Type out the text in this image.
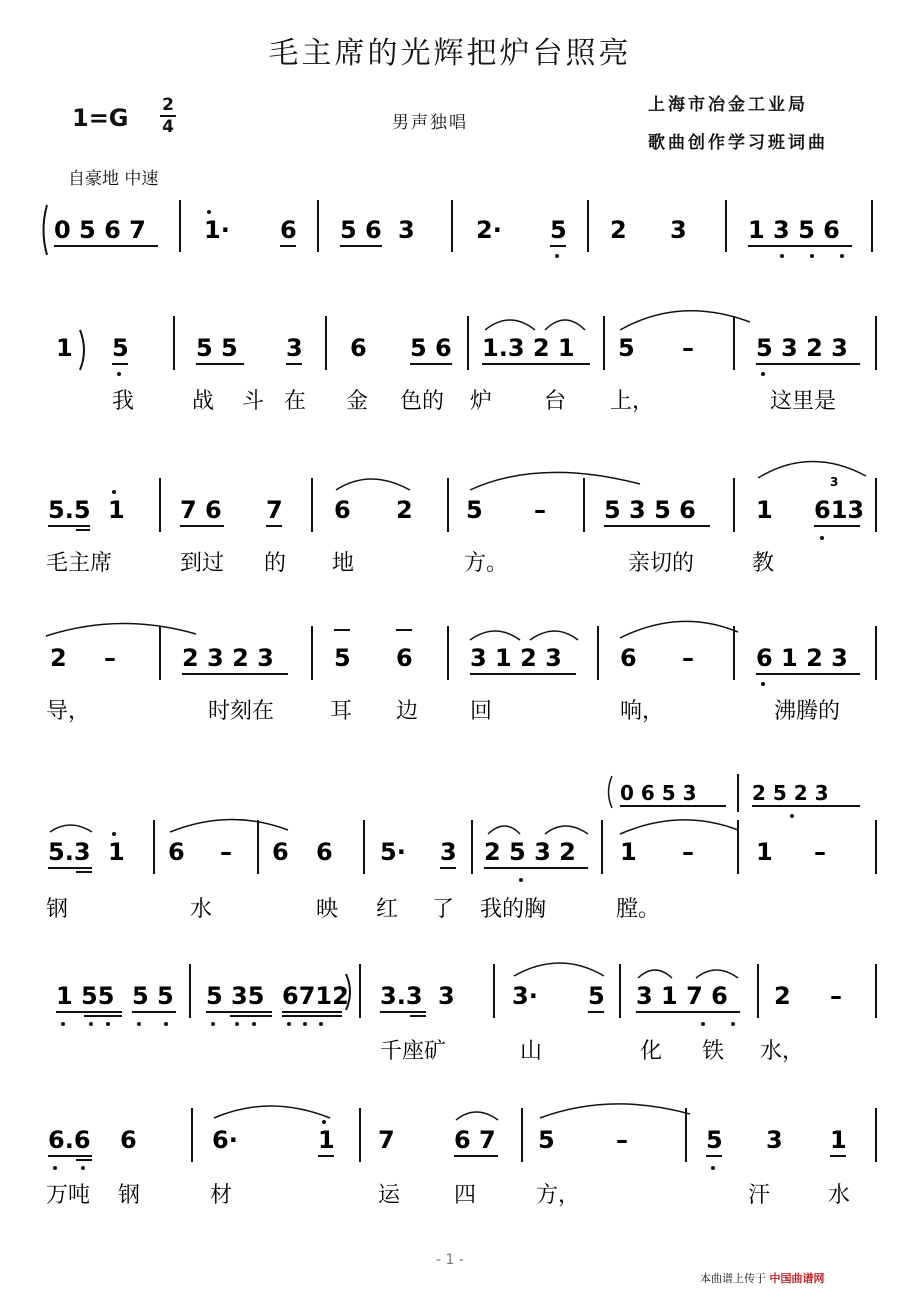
毛主席的光辉把炉台照亮
1=G 2
4	男声独唱
上海市冶金工业局
歌曲创作学习班词曲
自豪地 中速
0 5 6 7 1· 6 5 6 3	2· 5 2 3	1 3 5 6
1 5	5 5 3 6 5 6 1.3 2 1 5 –	5 3 2 3
5.5 1 7 6 7 6 2 5 – 5 3 5 6	1 613
3
2 –	2 3 2 3	5 6 3 1 2 3 6 –	6 1 2 3
0 6 5 3	2 5 2 3
5.3 1 6 – 6 6 5· 3 2 5 3 2 1 –	1 –
1 55 5 5 5 35 6712 3.3 3 3· 5 3 1 7 6 2 –
6.6 6	6·	1 7 6 7 5	–	5 3 1
我	战 斗 在 金 色的 炉 台 上，	这里是
毛主席	到过 的 地	方。	亲切的	教
导，	时刻在	耳 边 回	响，	沸腾的
钢	水	映 红 了 我的胸	膛。
千座矿	山	化 铁 水，
万吨 钢	材	运 四	方，	汗	水
- 1 -
本曲谱上传于 中国曲谱网
